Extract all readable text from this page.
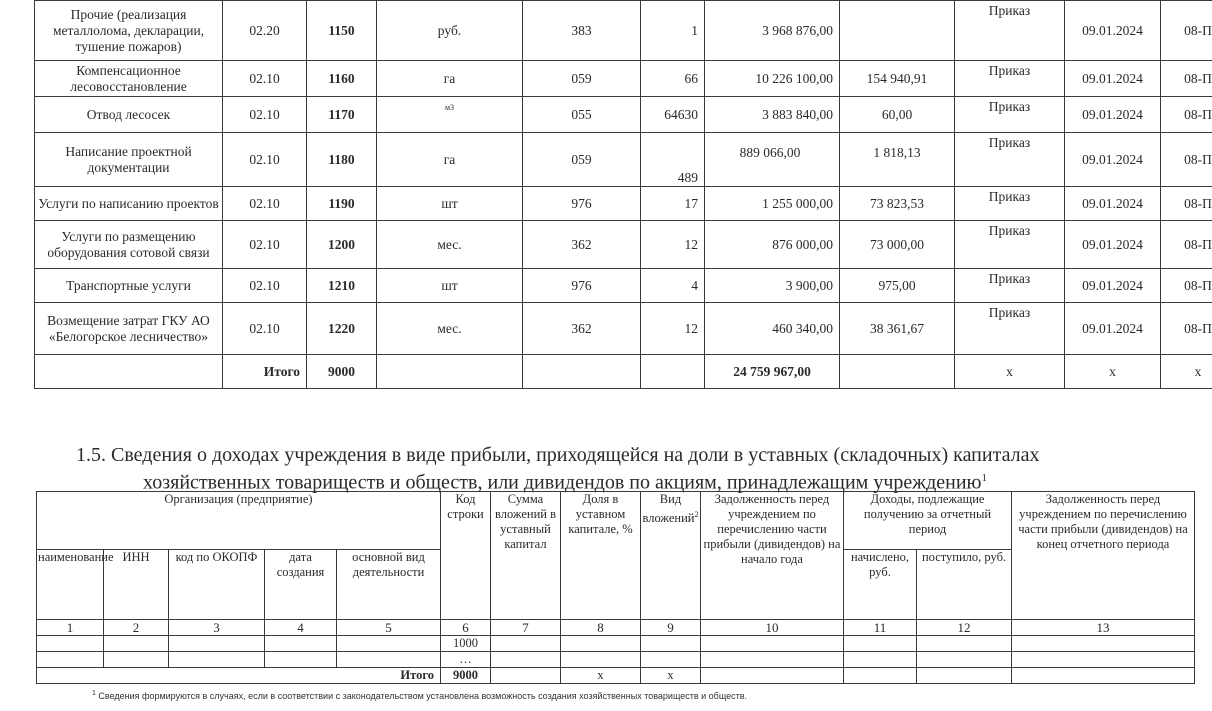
Прочие (реализация металлолома, декларации, тушение пожаров)	02.20	1150	руб.	383	1	3 968 876,00		Приказ	09.01.2024	08-П
Компенсационное лесовосстановление	02.10	1160	га	059	66	10 226 100,00	154 940,91	Приказ	09.01.2024	08-П
Отвод лесосек	02.10	1170	м3	055	64630	3 883 840,00	60,00	Приказ	09.01.2024	08-П
Написание проектной документации	02.10	1180	га	059	489	889 066,00	1 818,13	Приказ	09.01.2024	08-П
Услуги по написанию проектов	02.10	1190	шт	976	17	1 255 000,00	73 823,53	Приказ	09.01.2024	08-П
Услуги по размещению оборудования сотовой связи	02.10	1200	мес.	362	12	876 000,00	73 000,00	Приказ	09.01.2024	08-П
Транспортные услуги	02.10	1210	шт	976	4	3 900,00	975,00	Приказ	09.01.2024	08-П
Возмещение затрат ГКУ АО «Белогорское лесничество»	02.10	1220	мес.	362	12	460 340,00	38 361,67	Приказ	09.01.2024	08-П
	Итого	9000				24 759 967,00		x	x	x
1.5. Сведения о доходах учреждения в виде прибыли, приходящейся на доли в уставных (складочных) капиталах
хозяйственных товариществ и обществ, или дивидендов по акциям, принадлежащим учреждению$^1$
Организация (предприятие)					Код строки	Сумма вложений в уставный капитал	Доля в уставном капитале, %	Вид вложений$^2$	Задолженность перед учреждением по перечислению части прибыли (дивидендов) на начало года	Доходы, подлежащие получению за отчетный период		Задолженность перед учреждением по перечислению части прибыли (дивидендов) на конец отчетного периода
наименование	ИНН	код по ОКОПФ	дата создания	основной вид деятельности						начислено, руб.	поступило, руб.	
1	2	3	4	5	6	7	8	9	10	11	12	13
					1000							
					…							
Итого					9000		x	x				
$^1$ Сведения формируются в случаях, если в соответствии с законодательством установлена возможность создания хозяйственных товариществ и обществ.
